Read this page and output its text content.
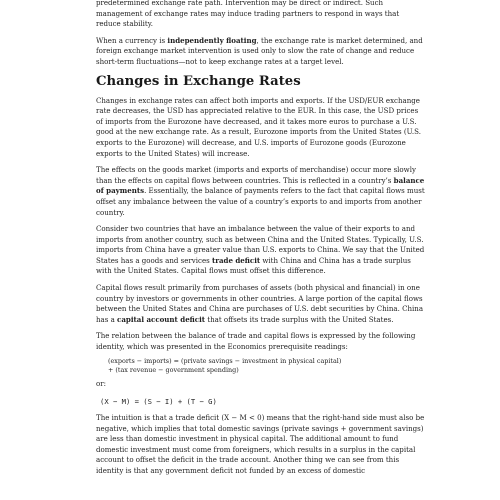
predetermined exchange rate path. Intervention may be direct or indirect. Such management of exchange rates may induce trading partners to respond in ways that reduce stability.

When a currency is independently floating, the exchange rate is market determined, and foreign exchange market intervention is used only to slow the rate of change and reduce short-term fluctuations—not to keep exchange rates at a target level.

Changes in Exchange Rates

Changes in exchange rates can affect both imports and exports. If the USD/EUR exchange rate decreases, the USD has appreciated relative to the EUR. In this case, the USD prices of imports from the Eurozone have decreased, and it takes more euros to purchase a U.S. good at the new exchange rate. As a result, Eurozone imports from the United States (U.S. exports to the Eurozone) will decrease, and U.S. imports of Eurozone goods (Eurozone exports to the United States) will increase.

The effects on the goods market (imports and exports of merchandise) occur more slowly than the effects on capital flows between countries. This is reflected in a country’s balance of payments. Essentially, the balance of payments refers to the fact that capital flows must offset any imbalance between the value of a country’s exports to and imports from another country.

Consider two countries that have an imbalance between the value of their exports to and imports from another country, such as between China and the United States. Typically, U.S. imports from China have a greater value than U.S. exports to China. We say that the United States has a goods and services trade deficit with China and China has a trade surplus with the United States. Capital flows must offset this difference.

Capital flows result primarily from purchases of assets (both physical and financial) in one country by investors or governments in other countries. A large portion of the capital flows between the United States and China are purchases of U.S. debt securities by China. China has a capital account deficit that offsets its trade surplus with the United States.

The relation between the balance of trade and capital flows is expressed by the following identity, which was presented in the Economics prerequisite readings:

(exports − imports) = (private savings − investment in physical capital)
+ (tax revenue − government spending)

or:

(X − M) = (S − I) + (T − G)

The intuition is that a trade deficit (X − M < 0) means that the right-hand side must also be negative, which implies that total domestic savings (private savings + government savings) are less than domestic investment in physical capital. The additional amount to fund domestic investment must come from foreigners, which results in a surplus in the capital account to offset the deficit in the trade account. Another thing we can see from this identity is that any government deficit not funded by an excess of domestic
